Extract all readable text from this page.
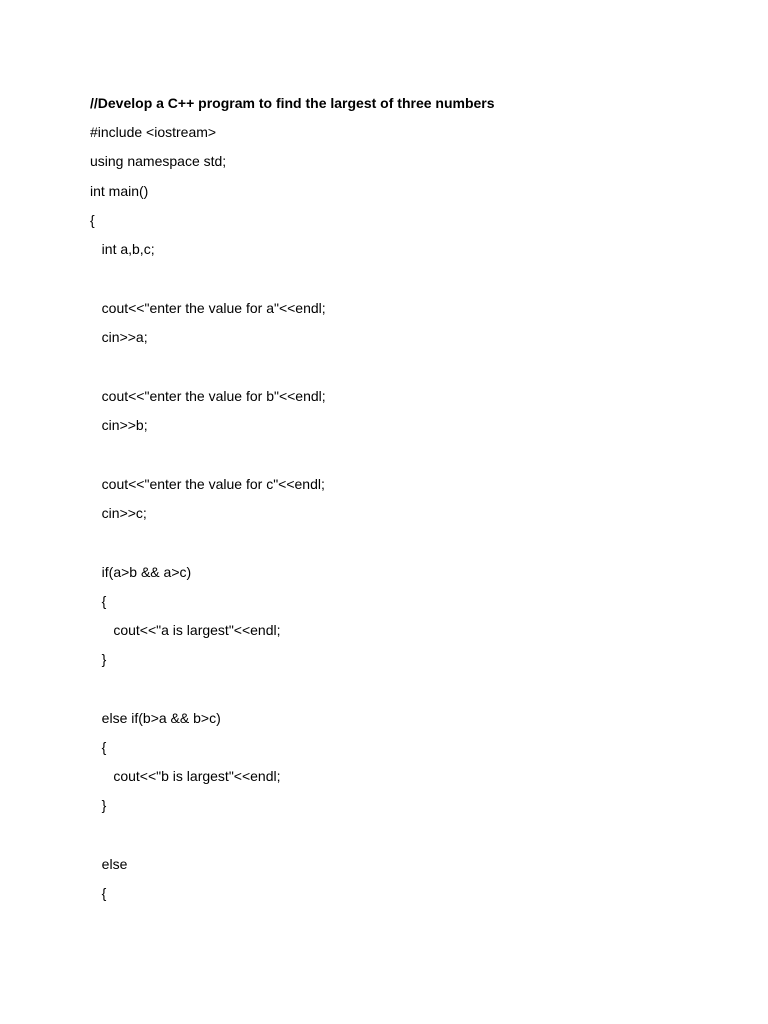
//Develop a C++ program to find the largest of three numbers
#include <iostream>
using namespace std;
int main()
{
int a,b,c;
cout<<"enter the value for a"<<endl;
cin>>a;
cout<<"enter the value for b"<<endl;
cin>>b;
cout<<"enter the value for c"<<endl;
cin>>c;
if(a>b && a>c)
{
cout<<"a is largest"<<endl;
}
else if(b>a && b>c)
{
cout<<"b is largest"<<endl;
}
else
{
